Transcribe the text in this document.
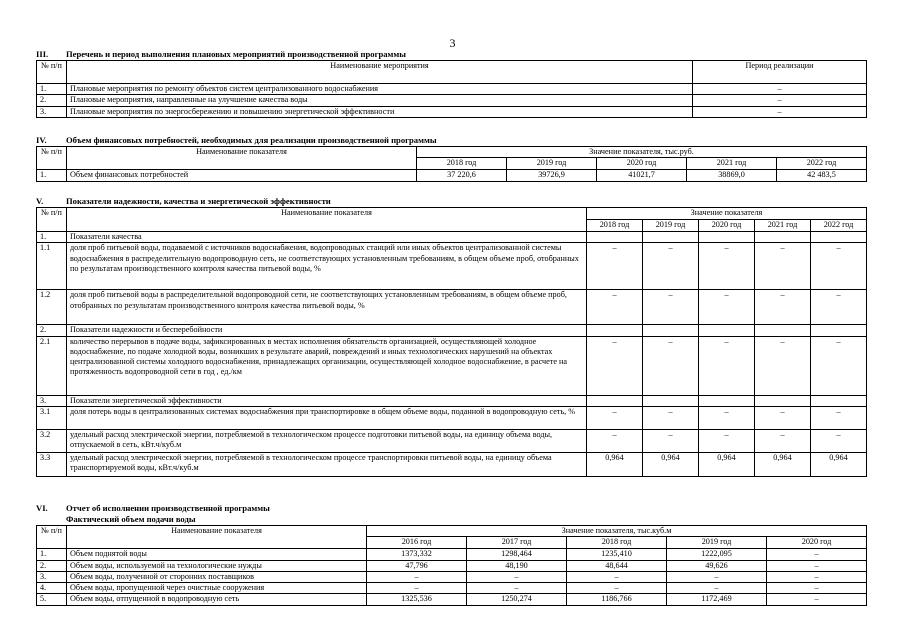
3
III. Перечень и период выполнения плановых мероприятий производственной программы
№ п/п	Наименование мероприятия	Период реализации
1.	Плановые мероприятия по ремонту объектов систем централизованного водоснабжения	–
2.	Плановые мероприятия, направленные на улучшение качества воды	–
3.	Плановые мероприятия по энергосбережению и повышению энергетической эффективности	–
IV. Объем финансовых потребностей, необходимых для реализации производственной программы
№ п/п	Наименование показателя	Значение показателя, тыс.руб.				
		2018 год	2019 год	2020 год	2021 год	2022 год
1.	Объем финансовых потребностей	37 220,6	39726,9	41021,7	38869,0	42 483,5
V.	Показатели надежности, качества и энергетической эффективности
№ п/п	Наименование показателя	Значение показателя				
		2018 год	2019 год	2020 год	2021 год	2022 год
1.	Показатели качества					
1.1	доля проб питьевой воды, подаваемой с источников водоснабжения, водопроводных станций или иных объектов централизованной системы водоснабжения в распределительную водопроводную сеть, не соответствующих установленным требованиям, в общем объеме проб, отобранных по результатам производственного контроля качества питьевой воды, %	–	–	–	–	–
1.2	доля проб питьевой воды в распределительной водопроводной сети, не соответствующих установленным требованиям, в общем объеме проб, отобранных по результатам производственного контроля качества питьевой воды, %	–	–	–	–	–
2.	Показатели надежности и бесперебойности					
2.1	количество перерывов в подаче воды, зафиксированных в местах исполнения обязательств организацией, осуществляющей холодное водоснабжение, по подаче холодной воды, возникших в результате аварий, повреждений и иных технологических нарушений на объектах централизованной системы холодного водоснабжения, принадлежащих организации, осуществляющей холодное водоснабжение, в расчете на протяженность водопроводной сети в год , ед./км	–	–	–	–	–
3.	Показатели энергетической эффективности					
3.1	доля потерь воды в централизованных системах водоснабжения при транспортировке в общем объеме воды, поданной в водопроводную сеть, %	–	–	–	–	–
3.2	удельный расход электрической энергии, потребляемой в технологическом процессе подготовки питьевой воды, на единицу объема воды, отпускаемой в сеть, кВт.ч/куб.м	–	–	–	–	–
3.3	удельный расход электрической энергии, потребляемой в технологическом процессе транспортировки питьевой воды, на единицу объема транспортируемой воды, кВт.ч/куб.м	0,964	0,964	0,964	0,964	0,964
VI. Отчет об исполнении производственной программы
Фактический объем подачи воды
№ п/п	Наименование показателя	Значение показателя, тыс.куб.м				
		2016 год	2017 год	2018 год	2019 год	2020 год
1.	Объем поднятой воды	1373,332	1298,464	1235,410	1222,095	–
2.	Объем воды, используемой на технологические нужды	47,796	48,190	48,644	49,626	–
3.	Объем воды, полученной от сторонних поставщиков	–	–	–	–	–
4.	Объем воды, пропущенной через очистные сооружения	–	–	–	–	–
5.	Объем воды, отпущенной в водопроводную сеть	1325,536	1250,274	1186,766	1172,469	–
